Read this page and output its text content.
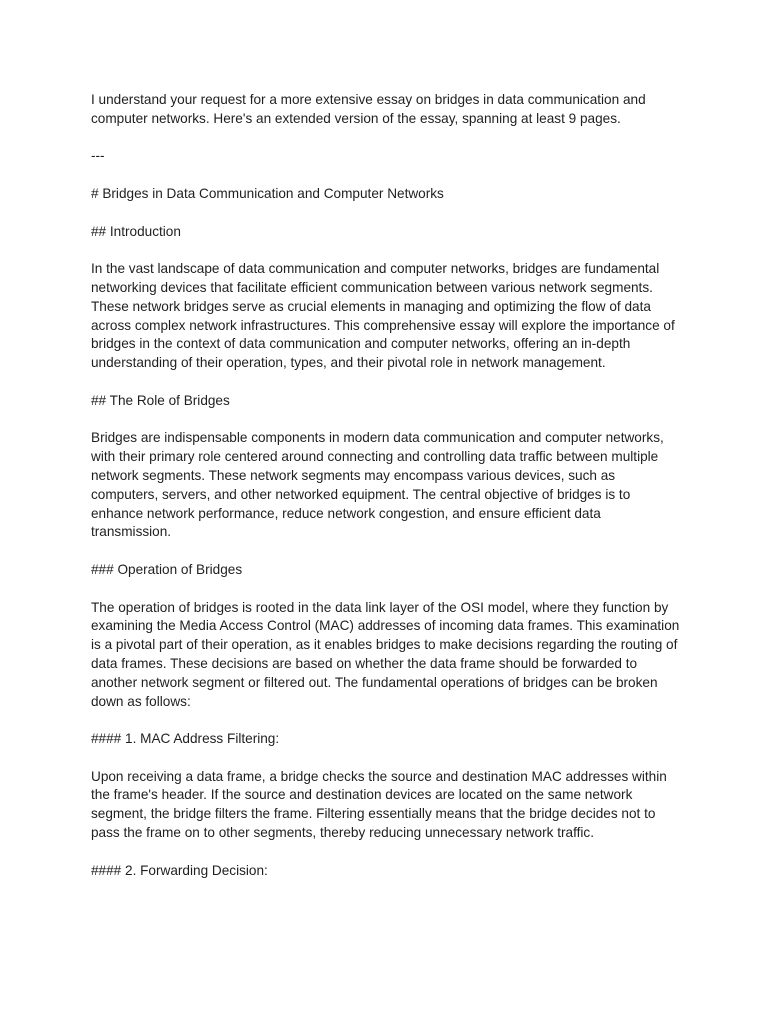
I understand your request for a more extensive essay on bridges in data communication and computer networks. Here's an extended version of the essay, spanning at least 9 pages.

---

# Bridges in Data Communication and Computer Networks

## Introduction

In the vast landscape of data communication and computer networks, bridges are fundamental networking devices that facilitate efficient communication between various network segments. These network bridges serve as crucial elements in managing and optimizing the flow of data across complex network infrastructures. This comprehensive essay will explore the importance of bridges in the context of data communication and computer networks, offering an in-depth understanding of their operation, types, and their pivotal role in network management.

## The Role of Bridges

Bridges are indispensable components in modern data communication and computer networks, with their primary role centered around connecting and controlling data traffic between multiple network segments. These network segments may encompass various devices, such as computers, servers, and other networked equipment. The central objective of bridges is to enhance network performance, reduce network congestion, and ensure efficient data transmission.

### Operation of Bridges

The operation of bridges is rooted in the data link layer of the OSI model, where they function by examining the Media Access Control (MAC) addresses of incoming data frames. This examination is a pivotal part of their operation, as it enables bridges to make decisions regarding the routing of data frames. These decisions are based on whether the data frame should be forwarded to another network segment or filtered out. The fundamental operations of bridges can be broken down as follows:

#### 1. MAC Address Filtering:

Upon receiving a data frame, a bridge checks the source and destination MAC addresses within the frame's header. If the source and destination devices are located on the same network segment, the bridge filters the frame. Filtering essentially means that the bridge decides not to pass the frame on to other segments, thereby reducing unnecessary network traffic.

#### 2. Forwarding Decision:
